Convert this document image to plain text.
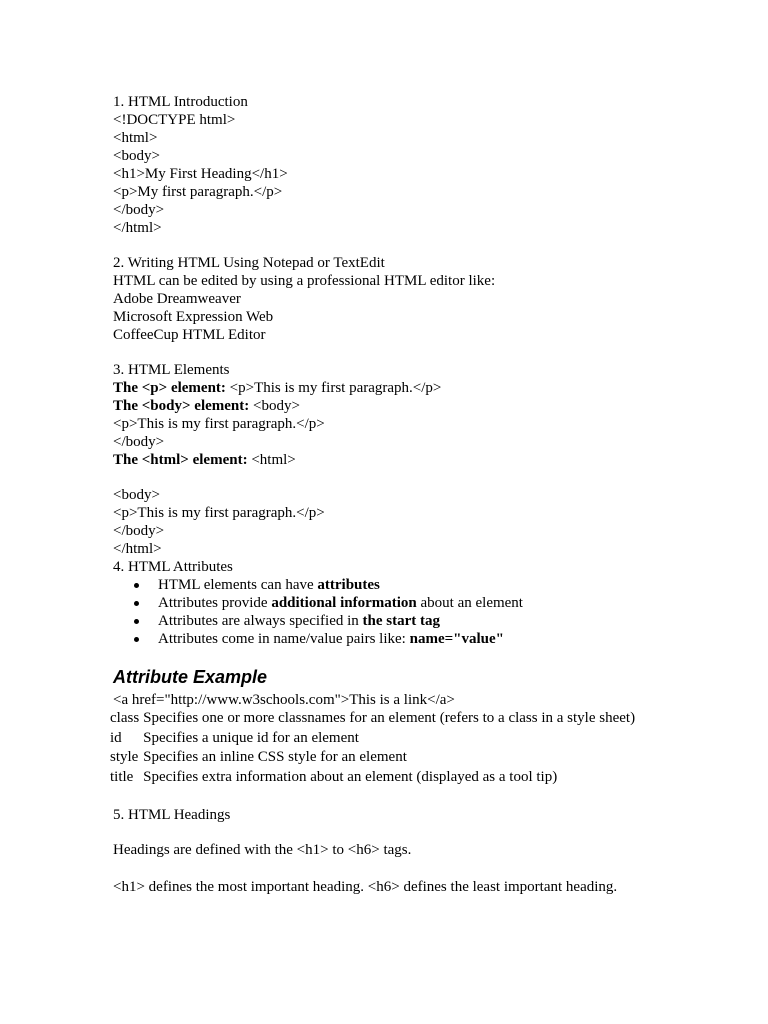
1. HTML Introduction
<!DOCTYPE html>
<html>
<body>
<h1>My First Heading</h1>
<p>My first paragraph.</p>
</body>
</html>
2. Writing HTML Using Notepad or TextEdit
HTML can be edited by using a professional HTML editor like:
Adobe Dreamweaver
Microsoft Expression Web
CoffeeCup HTML Editor
3. HTML Elements
The <p> element: <p>This is my first paragraph.</p>
The <body> element: <body>
<p>This is my first paragraph.</p>
</body>
The <html> element: <html>
<body>
<p>This is my first paragraph.</p>
</body>
</html>
4. HTML Attributes
HTML elements can have attributes
Attributes provide additional information about an element
Attributes are always specified in the start tag
Attributes come in name/value pairs like: name="value"
Attribute Example
<a href="http://www.w3schools.com">This is a link</a>
class	Specifies one or more classnames for an element (refers to a class in a style sheet)
id	Specifies a unique id for an element
style	Specifies an inline CSS style for an element
title	Specifies extra information about an element (displayed as a tool tip)
5. HTML Headings
Headings are defined with the <h1> to <h6> tags.
<h1> defines the most important heading. <h6> defines the least important heading.
